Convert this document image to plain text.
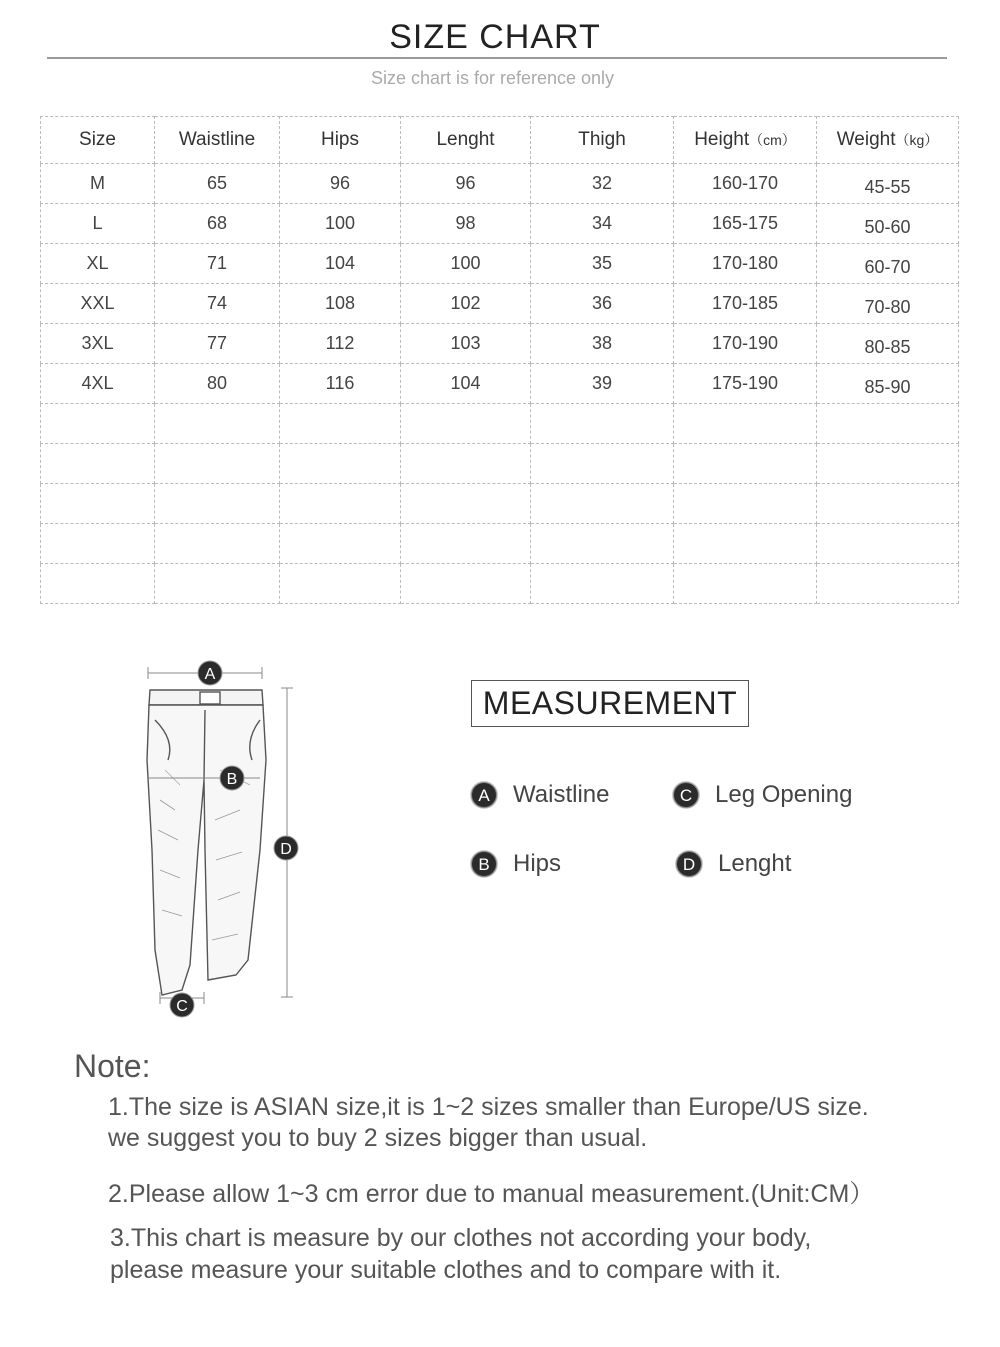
SIZE CHART
Size chart is for reference only
Size	Waistline	Hips	Lenght	Thigh	Height（cm）	Weight（kg）
M	65	96	96	32	160-170	45-55
L	68	100	98	34	165-175	50-60
XL	71	104	100	35	170-180	60-70
XXL	74	108	102	36	170-185	70-80
3XL	77	112	103	38	170-190	80-85
4XL	80	116	104	39	175-190	85-90

A
B
C
D
MEASUREMENT
A Waistline	C Leg Opening
B Hips	D Lenght
Note:
1.The size is ASIAN size,it is 1~2 sizes smaller than Europe/US size.
we suggest you to buy 2 sizes bigger than usual.
2.Please allow 1~3 cm error due to manual measurement.(Unit:CM）
3.This chart is measure by our clothes not according your body,
please measure your suitable clothes and to compare with it.
